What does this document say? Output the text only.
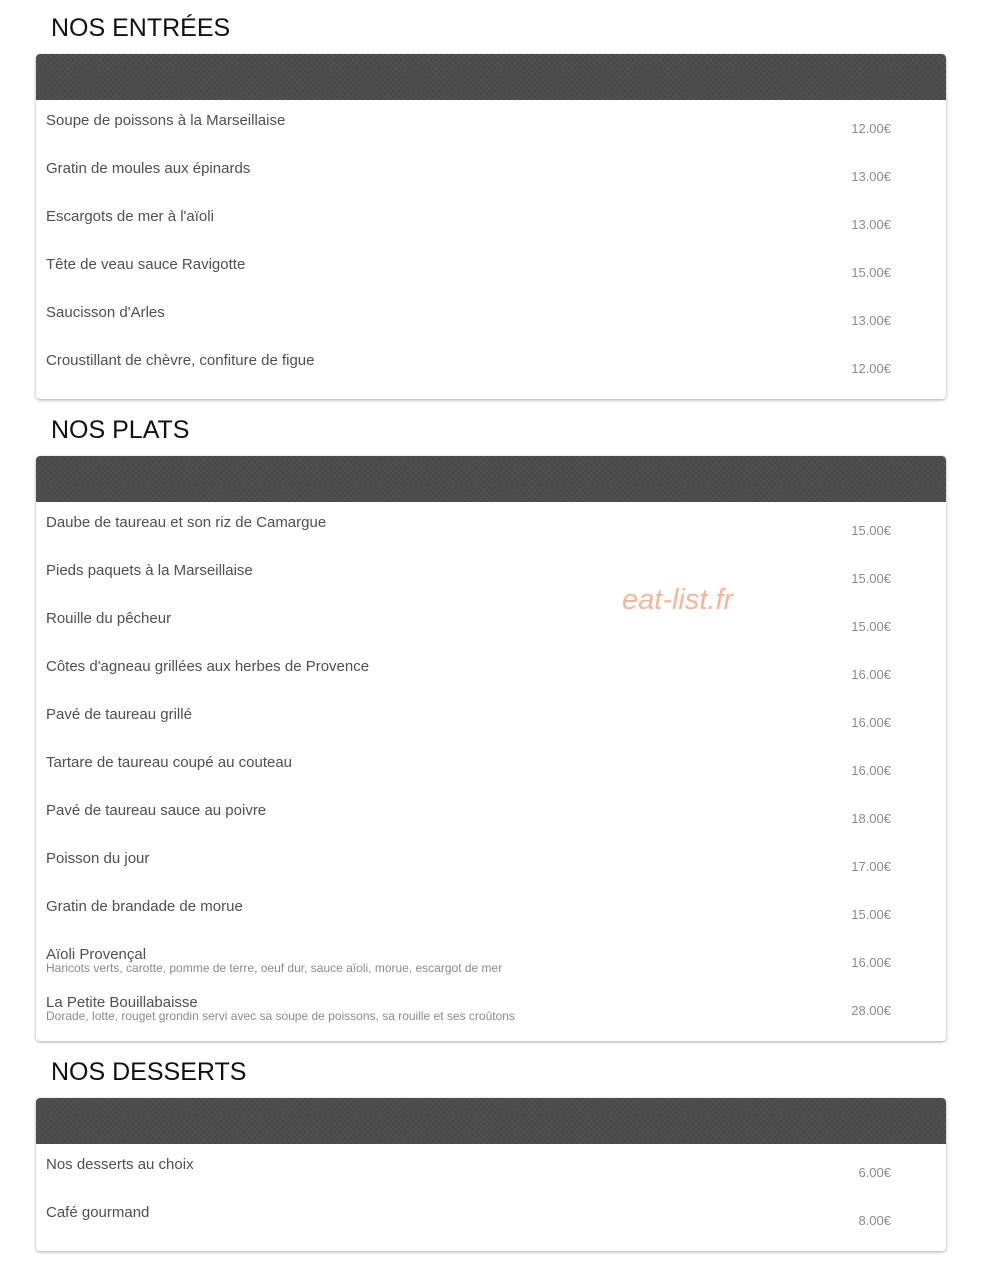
NOS ENTRÉES
Soupe de poissons à la Marseillaise	12.00€
Gratin de moules aux épinards	13.00€
Escargots de mer à l'aïoli	13.00€
Tête de veau sauce Ravigotte	15.00€
Saucisson d'Arles	13.00€
Croustillant de chèvre, confiture de figue	12.00€
NOS PLATS
Daube de taureau et son riz de Camargue	15.00€
Pieds paquets à la Marseillaise	15.00€
Rouille du pêcheur	15.00€
Côtes d'agneau grillées aux herbes de Provence	16.00€
Pavé de taureau grillé	16.00€
Tartare de taureau coupé au couteau	16.00€
Pavé de taureau sauce au poivre	18.00€
Poisson du jour	17.00€
Gratin de brandade de morue	15.00€
Aïoli Provençal
Haricots verts, carotte, pomme de terre, oeuf dur, sauce aïoli, morue, escargot de mer	16.00€
La Petite Bouillabaisse
Dorade, lotte, rouget grondin servi avec sa soupe de poissons, sa rouille et ses croûtons	28.00€
eat-list.fr
NOS DESSERTS
Nos desserts au choix	6.00€
Café gourmand	8.00€
